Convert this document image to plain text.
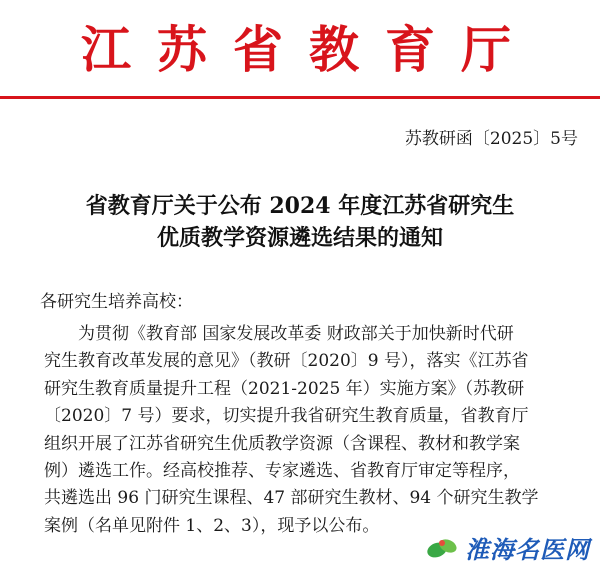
江苏省教育厅
苏教研函〔2025〕5号
省教育厅关于公布 2024 年度江苏省研究生
优质教学资源遴选结果的通知
各研究生培养高校：
为贯彻《教育部 国家发展改革委 财政部关于加快新时代研
究生教育改革发展的意见》（教研〔2020〕9 号），落实《江苏省
研究生教育质量提升工程（2021-2025 年）实施方案》（苏教研
〔2020〕7 号）要求，切实提升我省研究生教育质量，省教育厅
组织开展了江苏省研究生优质教学资源（含课程、教材和教学案
例）遴选工作。经高校推荐、专家遴选、省教育厅审定等程序，
共遴选出 96 门研究生课程、47 部研究生教材、94 个研究生教学
案例（名单见附件 1、2、3），现予以公布。
淮海名医网
